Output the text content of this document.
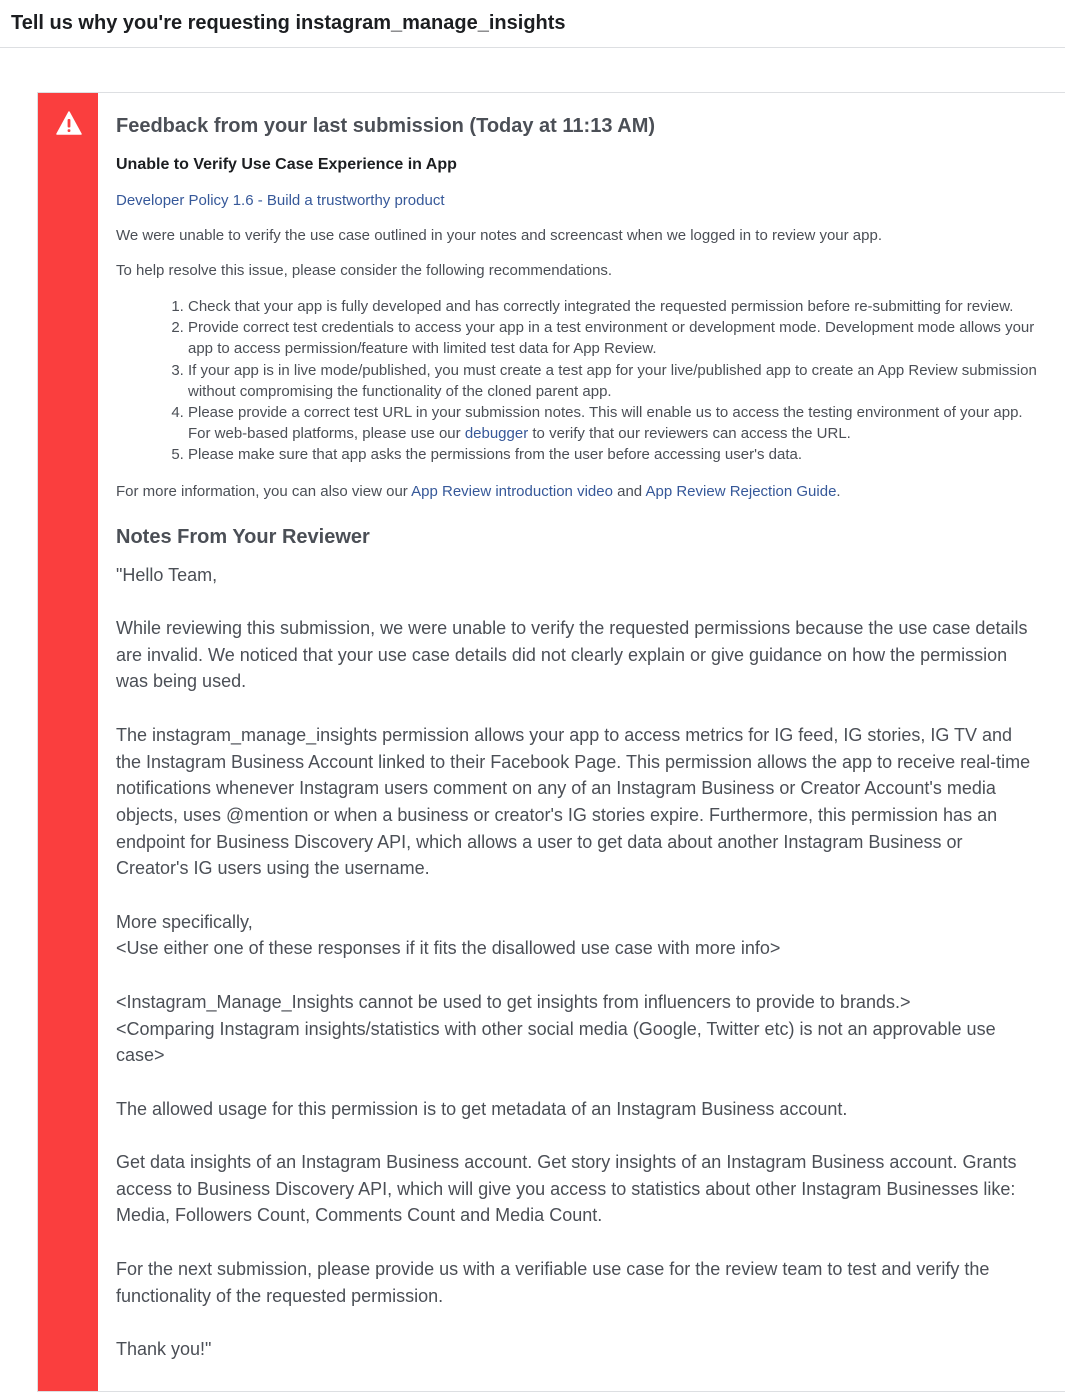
Tell us why you're requesting instagram_manage_insights
Feedback from your last submission (Today at 11:13 AM)
Unable to Verify Use Case Experience in App
Developer Policy 1.6 - Build a trustworthy product

We were unable to verify the use case outlined in your notes and screencast when we logged in to review your app.

To help resolve this issue, please consider the following recommendations.

1. Check that your app is fully developed and has correctly integrated the requested permission before re-submitting for review.
2. Provide correct test credentials to access your app in a test environment or development mode. Development mode allows your app to access permission/feature with limited test data for App Review.
3. If your app is in live mode/published, you must create a test app for your live/published app to create an App Review submission without compromising the functionality of the cloned parent app.
4. Please provide a correct test URL in your submission notes. This will enable us to access the testing environment of your app. For web-based platforms, please use our debugger to verify that our reviewers can access the URL.
5. Please make sure that app asks the permissions from the user before accessing user's data.

For more information, you can also view our App Review introduction video and App Review Rejection Guide.

Notes From Your Reviewer

"Hello Team,

While reviewing this submission, we were unable to verify the requested permissions because the use case details are invalid. We noticed that your use case details did not clearly explain or give guidance on how the permission was being used.

The instagram_manage_insights permission allows your app to access metrics for IG feed, IG stories, IG TV and the Instagram Business Account linked to their Facebook Page. This permission allows the app to receive real-time notifications whenever Instagram users comment on any of an Instagram Business or Creator Account's media objects, uses @mention or when a business or creator's IG stories expire. Furthermore, this permission has an endpoint for Business Discovery API, which allows a user to get data about another Instagram Business or Creator's IG users using the username.

More specifically,

<Use either one of these responses if it fits the disallowed use case with more info>

<Instagram_Manage_Insights cannot be used to get insights from influencers to provide to brands.>

<Comparing Instagram insights/statistics with other social media (Google, Twitter etc) is not an approvable use case>

The allowed usage for this permission is to get metadata of an Instagram Business account.

Get data insights of an Instagram Business account. Get story insights of an Instagram Business account. Grants access to Business Discovery API, which will give you access to statistics about other Instagram Businesses like: Media, Followers Count, Comments Count and Media Count.

For the next submission, please provide us with a verifiable use case for the review team to test and verify the functionality of the requested permission.

Thank you!"
